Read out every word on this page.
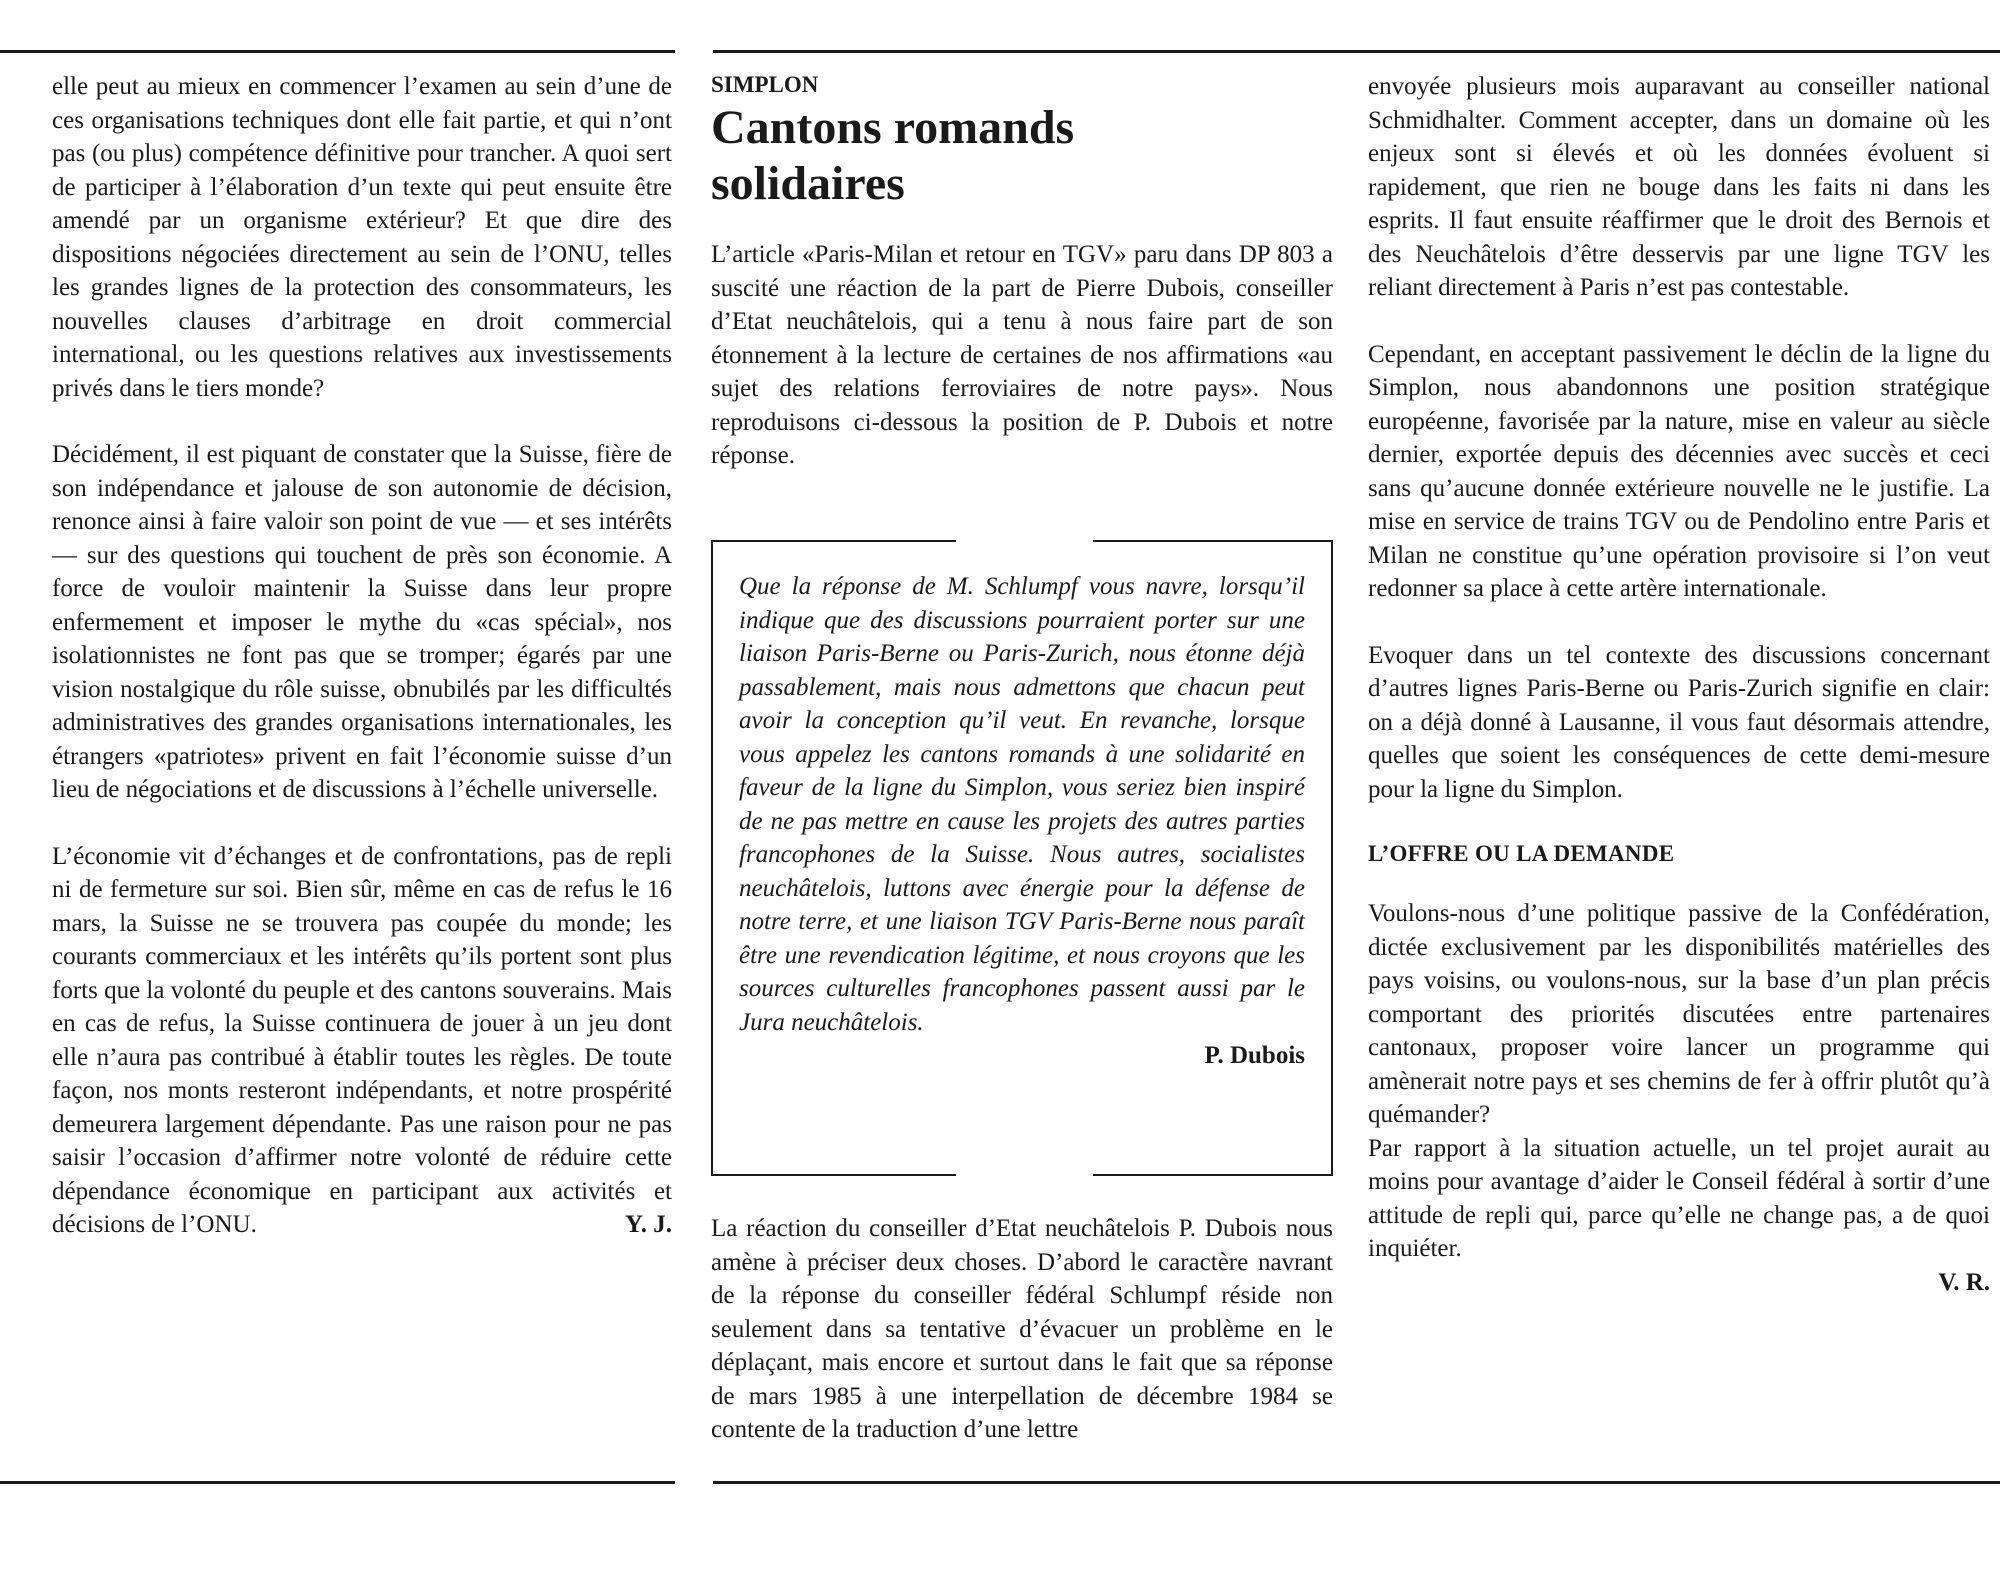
elle peut au mieux en commencer l’examen au sein d’une de ces organisations techniques dont elle fait partie, et qui n’ont pas (ou plus) compétence définitive pour trancher. A quoi sert de participer à l’élaboration d’un texte qui peut ensuite être amendé par un organisme extérieur? Et que dire des dispositions négociées directement au sein de l’ONU, telles les grandes lignes de la protection des consommateurs, les nouvelles clauses d’arbitrage en droit commercial international, ou les questions relatives aux investissements privés dans le tiers monde?

Décidément, il est piquant de constater que la Suisse, fière de son indépendance et jalouse de son autonomie de décision, renonce ainsi à faire valoir son point de vue — et ses intérêts — sur des questions qui touchent de près son économie. A force de vouloir maintenir la Suisse dans leur propre enfermement et imposer le mythe du «cas spécial», nos isolationnistes ne font pas que se tromper; égarés par une vision nostalgique du rôle suisse, obnubilés par les difficultés administratives des grandes organisations internationales, les étrangers «patriotes» privent en fait l’économie suisse d’un lieu de négociations et de discussions à l’échelle universelle.

L’économie vit d’échanges et de confrontations, pas de repli ni de fermeture sur soi. Bien sûr, même en cas de refus le 16 mars, la Suisse ne se trouvera pas coupée du monde; les courants commerciaux et les intérêts qu’ils portent sont plus forts que la volonté du peuple et des cantons souverains. Mais en cas de refus, la Suisse continuera de jouer à un jeu dont elle n’aura pas contribué à établir toutes les règles. De toute façon, nos monts resteront indépendants, et notre prospérité demeurera largement dépendante. Pas une raison pour ne pas saisir l’occasion d’affirmer notre volonté de réduire cette dépendance économique en participant aux activités et décisions de l’ONU.	Y. J.
SIMPLON
Cantons romands solidaires

L’article «Paris-Milan et retour en TGV» paru dans DP 803 a suscité une réaction de la part de Pierre Dubois, conseiller d’Etat neuchâtelois, qui a tenu à nous faire part de son étonnement à la lecture de certaines de nos affirmations «au sujet des relations ferroviaires de notre pays». Nous reproduisons ci-dessous la position de P. Dubois et notre réponse.

Que la réponse de M. Schlumpf vous navre, lorsqu’il indique que des discussions pourraient porter sur une liaison Paris-Berne ou Paris-Zurich, nous étonne déjà passablement, mais nous admettons que chacun peut avoir la conception qu’il veut. En revanche, lorsque vous appelez les cantons romands à une solidarité en faveur de la ligne du Simplon, vous seriez bien inspiré de ne pas mettre en cause les projets des autres parties francophones de la Suisse. Nous autres, socialistes neuchâtelois, luttons avec énergie pour la défense de notre terre, et une liaison TGV Paris-Berne nous paraît être une revendication légitime, et nous croyons que les sources culturelles francophones passent aussi par le Jura neuchâtelois.
P. Dubois

La réaction du conseiller d’Etat neuchâtelois P. Dubois nous amène à préciser deux choses. D’abord le caractère navrant de la réponse du conseiller fédéral Schlumpf réside non seulement dans sa tentative d’évacuer un problème en le déplaçant, mais encore et surtout dans le fait que sa réponse de mars 1985 à une interpellation de décembre 1984 se contente de la traduction d’une lettre

envoyée plusieurs mois auparavant au conseiller national Schmidhalter. Comment accepter, dans un domaine où les enjeux sont si élevés et où les données évoluent si rapidement, que rien ne bouge dans les faits ni dans les esprits. Il faut ensuite réaffirmer que le droit des Bernois et des Neuchâtelois d’être desservis par une ligne TGV les reliant directement à Paris n’est pas contestable.

Cependant, en acceptant passivement le déclin de la ligne du Simplon, nous abandonnons une position stratégique européenne, favorisée par la nature, mise en valeur au siècle dernier, exportée depuis des décennies avec succès et ceci sans qu’aucune donnée extérieure nouvelle ne le justifie. La mise en service de trains TGV ou de Pendolino entre Paris et Milan ne constitue qu’une opération provisoire si l’on veut redonner sa place à cette artère internationale.

Evoquer dans un tel contexte des discussions concernant d’autres lignes Paris-Berne ou Paris-Zurich signifie en clair: on a déjà donné à Lausanne, il vous faut désormais attendre, quelles que soient les conséquences de cette demi-mesure pour la ligne du Simplon.

L’OFFRE OU LA DEMANDE

Voulons-nous d’une politique passive de la Confédération, dictée exclusivement par les disponibilités matérielles des pays voisins, ou voulons-nous, sur la base d’un plan précis comportant des priorités discutées entre partenaires cantonaux, proposer voire lancer un programme qui amènerait notre pays et ses chemins de fer à offrir plutôt qu’à quémander?

Par rapport à la situation actuelle, un tel projet aurait au moins pour avantage d’aider le Conseil fédéral à sortir d’une attitude de repli qui, parce qu’elle ne change pas, a de quoi inquiéter.

V. R.
